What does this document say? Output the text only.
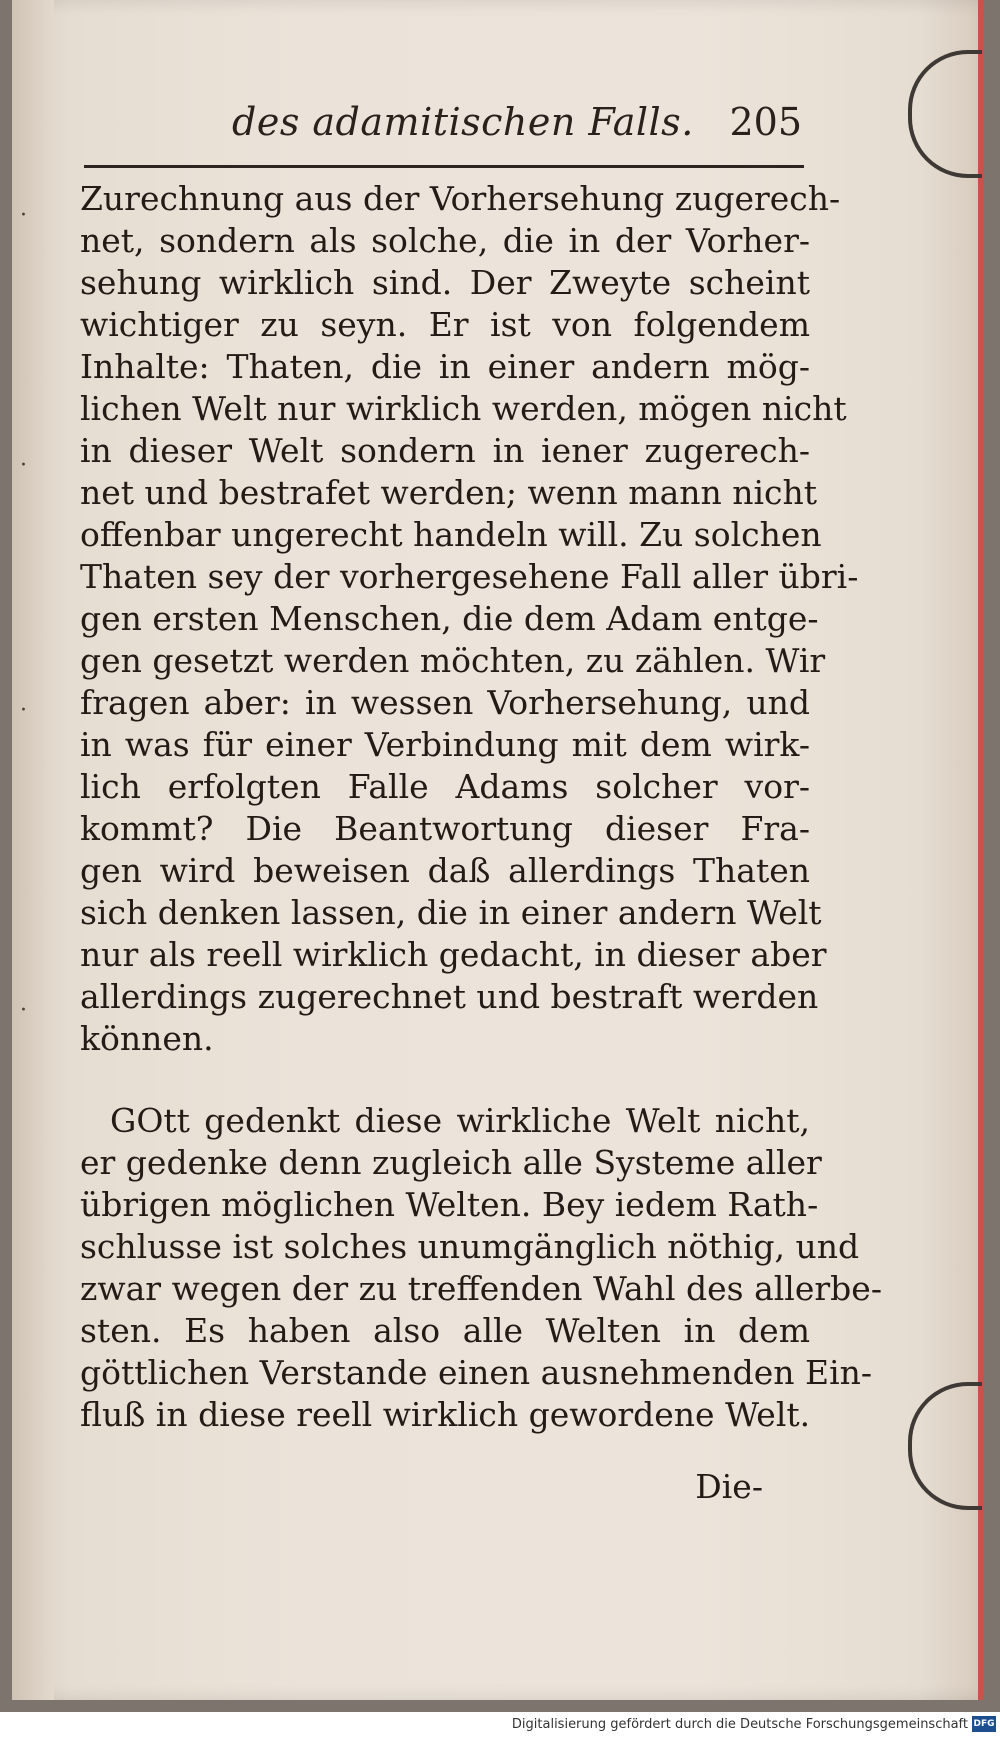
·
·
·
·
des adamitischen Falls. 205
Zurechnung aus der Vorhersehung zugerech-
net, sondern als solche, die in der Vorher-
sehung wirklich sind. Der Zweyte scheint
wichtiger zu seyn. Er ist von folgendem
Inhalte: Thaten, die in einer andern mög-
lichen Welt nur wirklich werden, mögen nicht
in dieser Welt sondern in iener zugerech-
net und bestrafet werden; wenn mann nicht
offenbar ungerecht handeln will. Zu solchen
Thaten sey der vorhergesehene Fall aller übri-
gen ersten Menschen, die dem Adam entge-
gen gesetzt werden möchten, zu zählen. Wir
fragen aber: in wessen Vorhersehung, und
in was für einer Verbindung mit dem wirk-
lich erfolgten Falle Adams solcher vor-
kommt? Die Beantwortung dieser Fra-
gen wird beweisen daß allerdings Thaten
sich denken lassen, die in einer andern Welt
nur als reell wirklich gedacht, in dieser aber
allerdings zugerechnet und bestraft werden
können.
GOtt gedenkt diese wirkliche Welt nicht,
er gedenke denn zugleich alle Systeme aller
übrigen möglichen Welten. Bey iedem Rath-
schlusse ist solches unumgänglich nöthig, und
zwar wegen der zu treffenden Wahl des allerbe-
sten. Es haben also alle Welten in dem
göttlichen Verstande einen ausnehmenden Ein-
fluß in diese reell wirklich gewordene Welt.
Die-
Digitalisierung gefördert durch die Deutsche Forschungsgemeinschaft DFG
